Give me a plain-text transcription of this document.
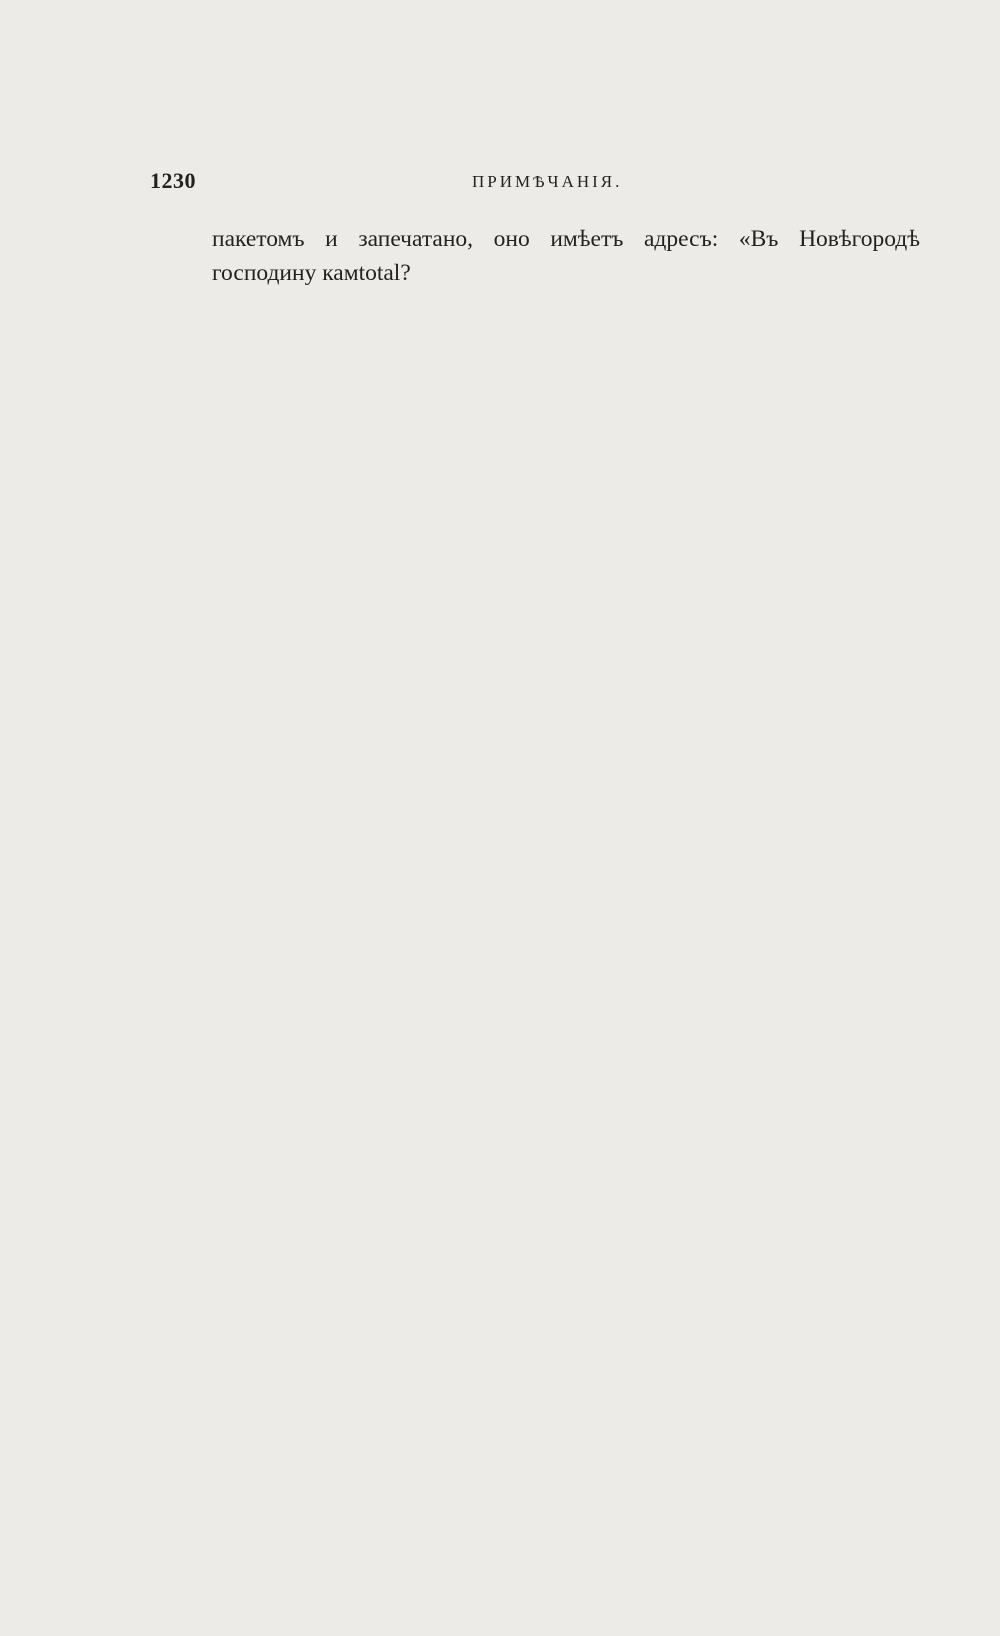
1230	ПРИМѢЧАНІЯ.

пакетомъ и запечатано, оно имѣетъ адресъ: «Въ Новѣгородѣ господину камtotal?
